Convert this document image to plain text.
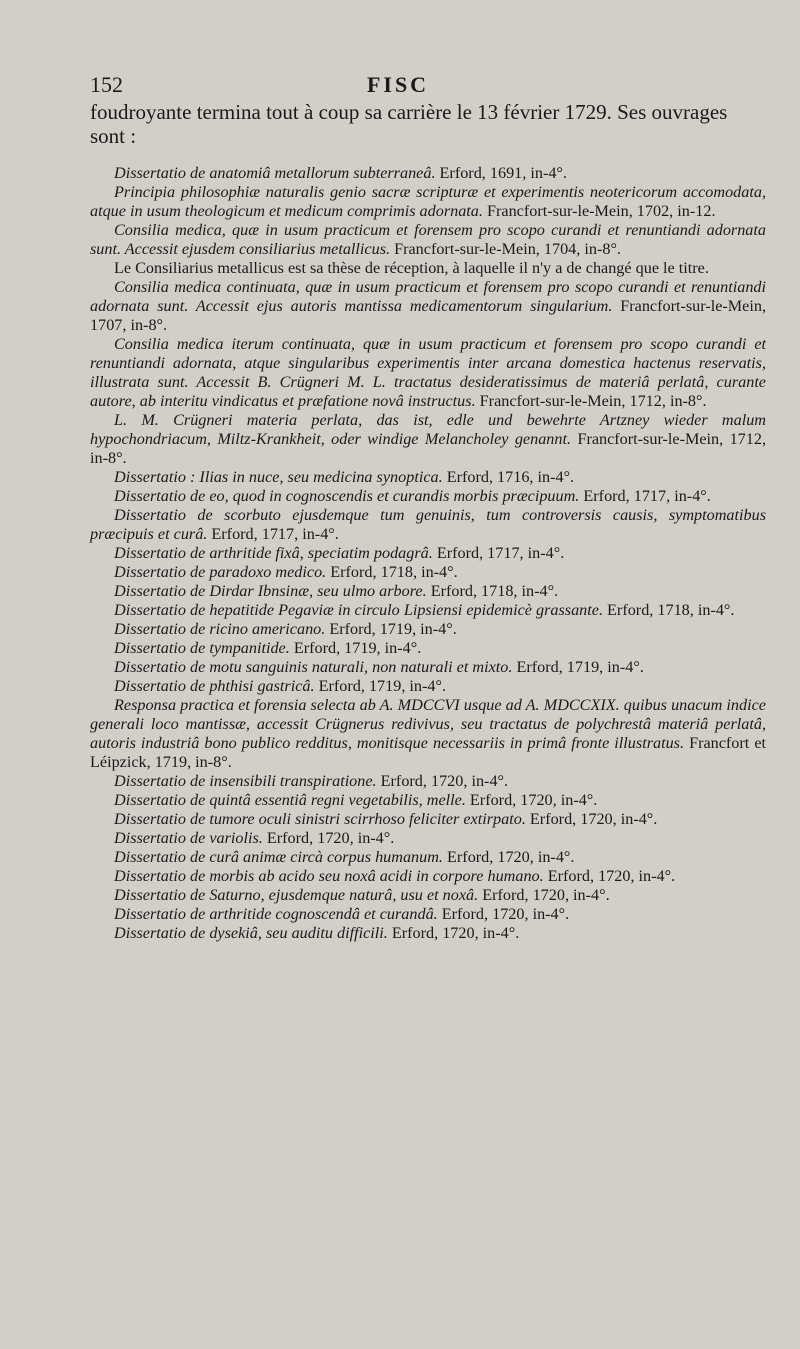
152	FISC

foudroyante termina tout à coup sa carrière le 13 février 1729. Ses ouvrages sont :

Dissertatio de anatomiâ metallorum subterraneâ. Erford, 1691, in-4°.

Principia philosophiæ naturalis genio sacræ scripturæ et experimentis neotericorum accomodata, atque in usum theologicum et medicum comprimis adornata. Francfort-sur-le-Mein, 1702, in-12.

Consilia medica, quæ in usum practicum et forensem pro scopo curandi et renuntiandi adornata sunt. Accessit ejusdem consiliarius metallicus. Francfort-sur-le-Mein, 1704, in-8°.

Le Consiliarius metallicus est sa thèse de réception, à laquelle il n'y a de changé que le titre.

Consilia medica continuata, quæ in usum practicum et forensem pro scopo curandi et renuntiandi adornata sunt. Accessit ejus autoris mantissa medicamentorum singularium. Francfort-sur-le-Mein, 1707, in-8°.

Consilia medica iterum continuata, quæ in usum practicum et forensem pro scopo curandi et renuntiandi adornata, atque singularibus experimentis inter arcana domestica hactenus reservatis, illustrata sunt. Accessit B. Crügneri M. L. tractatus desideratissimus de materiâ perlatâ, curante autore, ab interitu vindicatus et præfatione novâ instructus. Francfort-sur-le-Mein, 1712, in-8°.

L. M. Crügneri materia perlata, das ist, edle und bewehrte Artzney wieder malum hypochondriacum, Miltz-Krankheit, oder windige Melancholey genannt. Francfort-sur-le-Mein, 1712, in-8°.

Dissertatio : Ilias in nuce, seu medicina synoptica. Erford, 1716, in-4°.

Dissertatio de eo, quod in cognoscendis et curandis morbis præcipuum. Erford, 1717, in-4°.

Dissertatio de scorbuto ejusdemque tum genuinis, tum controversis causis, symptomatibus præcipuis et curâ. Erford, 1717, in-4°.

Dissertatio de arthritide fixâ, speciatim podagrâ. Erford, 1717, in-4°.

Dissertatio de paradoxo medico. Erford, 1718, in-4°.

Dissertatio de Dirdar Ibnsinæ, seu ulmo arbore. Erford, 1718, in-4°.

Dissertatio de hepatitide Pegaviæ in circulo Lipsiensi epidemicè grassante. Erford, 1718, in-4°.

Dissertatio de ricino americano. Erford, 1719, in-4°.

Dissertatio de tympanitide. Erford, 1719, in-4°.

Dissertatio de motu sanguinis naturali, non naturali et mixto. Erford, 1719, in-4°.

Dissertatio de phthisi gastricâ. Erford, 1719, in-4°.

Responsa practica et forensia selecta ab A. MDCCVI usque ad A. MDCCXIX. quibus unacum indice generali loco mantissæ, accessit Crügnerus redivivus, seu tractatus de polychrestâ materiâ perlatâ, autoris industriâ bono publico redditus, monitisque necessariis in primâ fronte illustratus. Francfort et Léipzick, 1719, in-8°.

Dissertatio de insensibili transpiratione. Erford, 1720, in-4°.

Dissertatio de quintâ essentiâ regni vegetabilis, melle. Erford, 1720, in-4°.

Dissertatio de tumore oculi sinistri scirrhoso feliciter extirpato. Erford, 1720, in-4°.

Dissertatio de variolis. Erford, 1720, in-4°.

Dissertatio de curâ animæ circà corpus humanum. Erford, 1720, in-4°.

Dissertatio de morbis ab acido seu noxâ acidi in corpore humano. Erford, 1720, in-4°.

Dissertatio de Saturno, ejusdemque naturâ, usu et noxâ. Erford, 1720, in-4°.

Dissertatio de arthritide cognoscendâ et curandâ. Erford, 1720, in-4°.

Dissertatio de dysekiâ, seu auditu difficili. Erford, 1720, in-4°.
